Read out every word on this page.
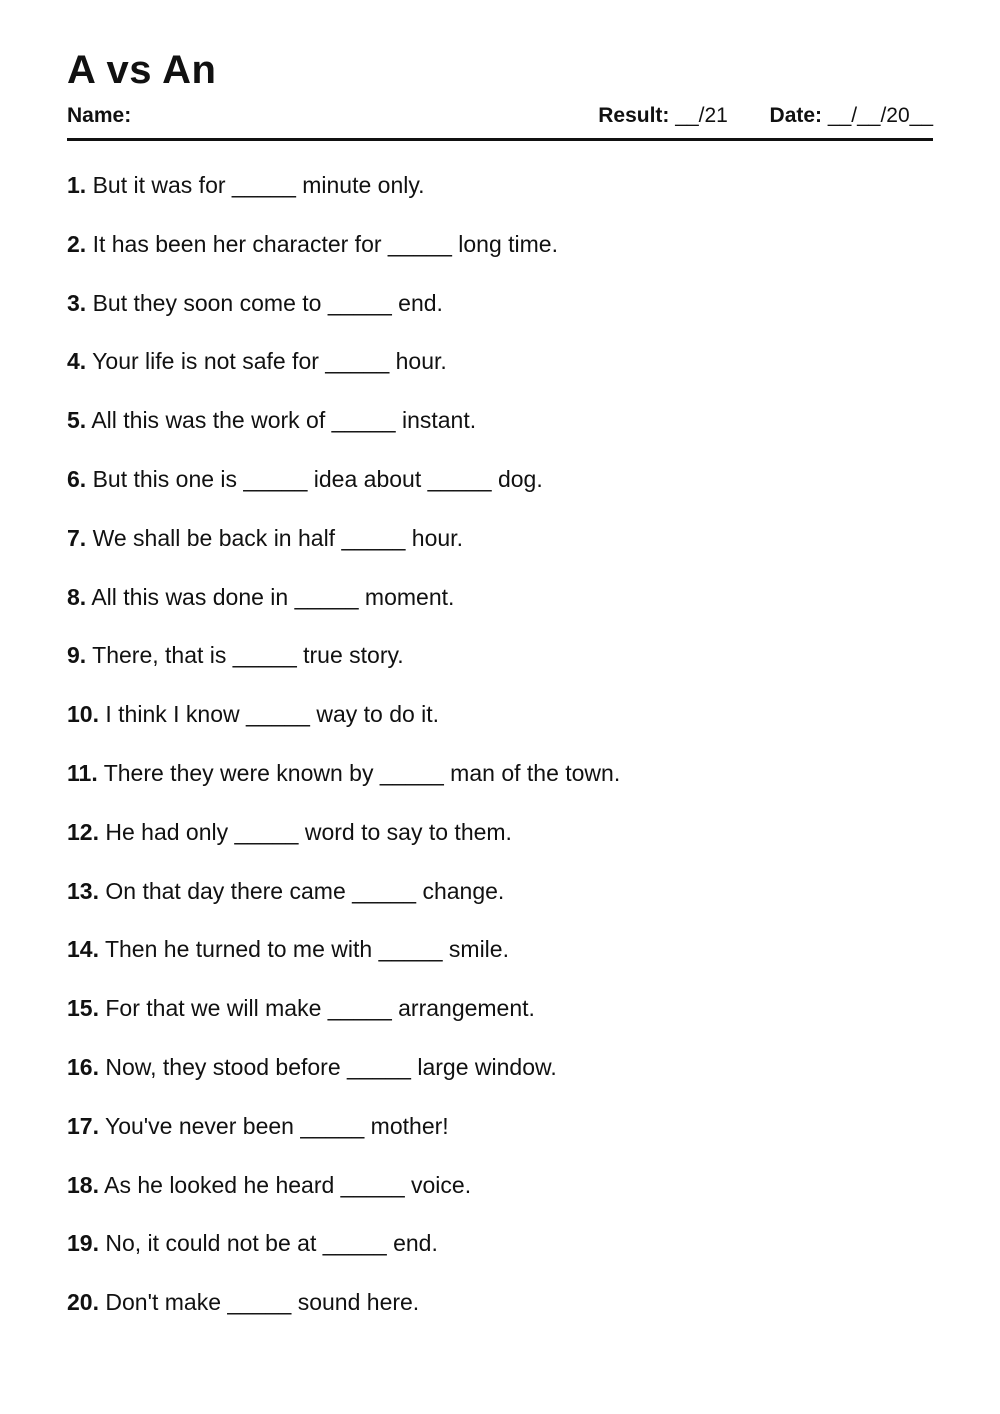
A vs An
Name:	Result: __/21 Date: __/__/20__
1. But it was for _____ minute only.
2. It has been her character for _____ long time.
3. But they soon come to _____ end.
4. Your life is not safe for _____ hour.
5. All this was the work of _____ instant.
6. But this one is _____ idea about _____ dog.
7. We shall be back in half _____ hour.
8. All this was done in _____ moment.
9. There, that is _____ true story.
10. I think I know _____ way to do it.
11. There they were known by _____ man of the town.
12. He had only _____ word to say to them.
13. On that day there came _____ change.
14. Then he turned to me with _____ smile.
15. For that we will make _____ arrangement.
16. Now, they stood before _____ large window.
17. You've never been _____ mother!
18. As he looked he heard _____ voice.
19. No, it could not be at _____ end.
20. Don't make _____ sound here.
